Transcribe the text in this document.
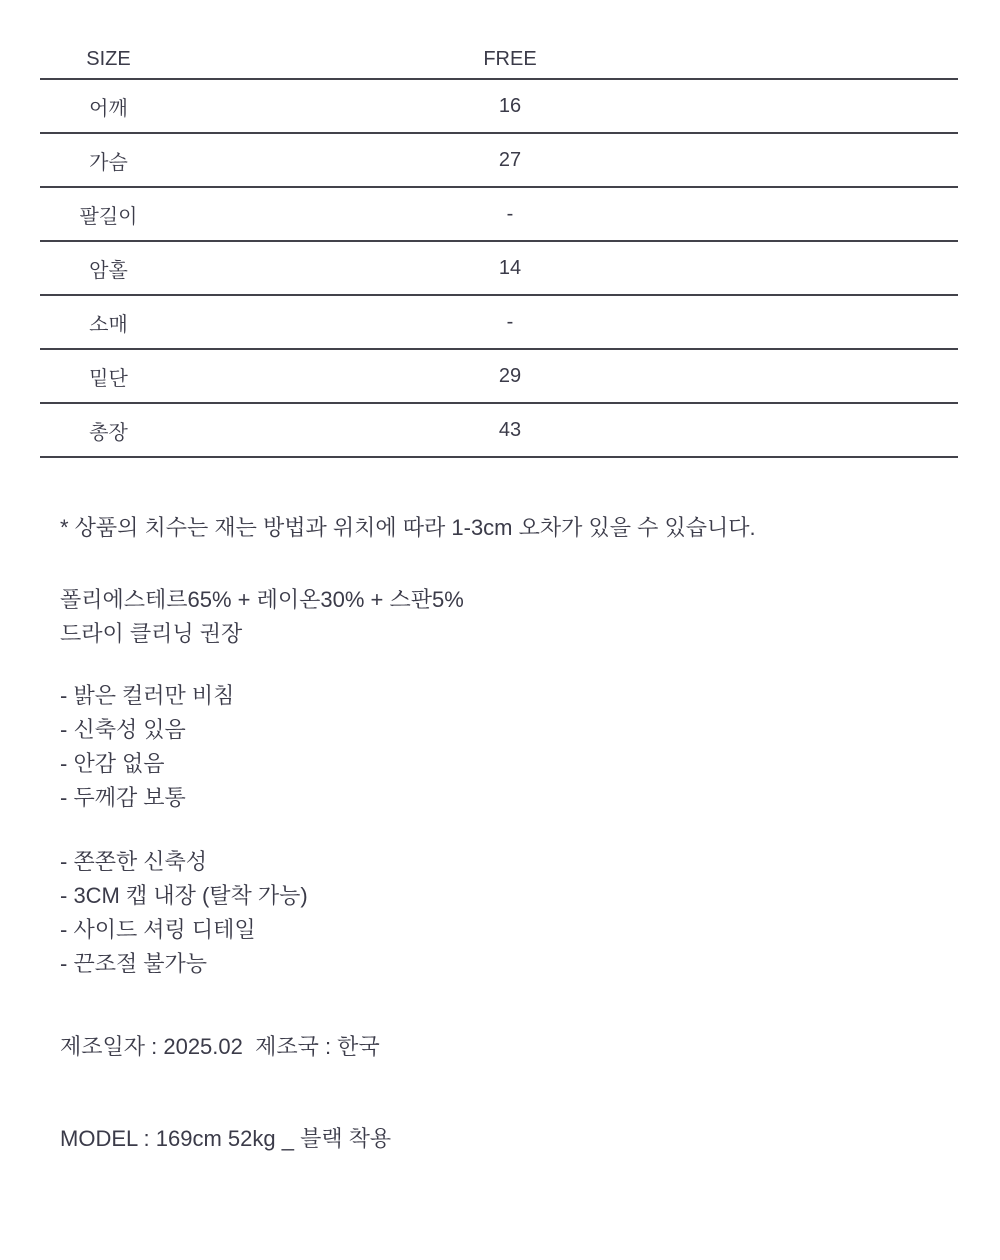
SIZE	FREE
어깨	16
가슴	27
팔길이	-
암홀	14
소매	-
밑단	29
총장	43

* 상품의 치수는 재는 방법과 위치에 따라 1-3cm 오차가 있을 수 있습니다.

폴리에스테르65% + 레이온30% + 스판5%

드라이 클리닝 권장

- 밝은 컬러만 비침

- 신축성 있음

- 안감 없음

- 두께감 보통

- 쫀쫀한 신축성

- 3CM 캡 내장 (탈착 가능)

- 사이드 셔링 디테일

- 끈조절 불가능

제조일자 : 2025.02  제조국 : 한국

MODEL : 169cm 52kg _ 블랙 착용
